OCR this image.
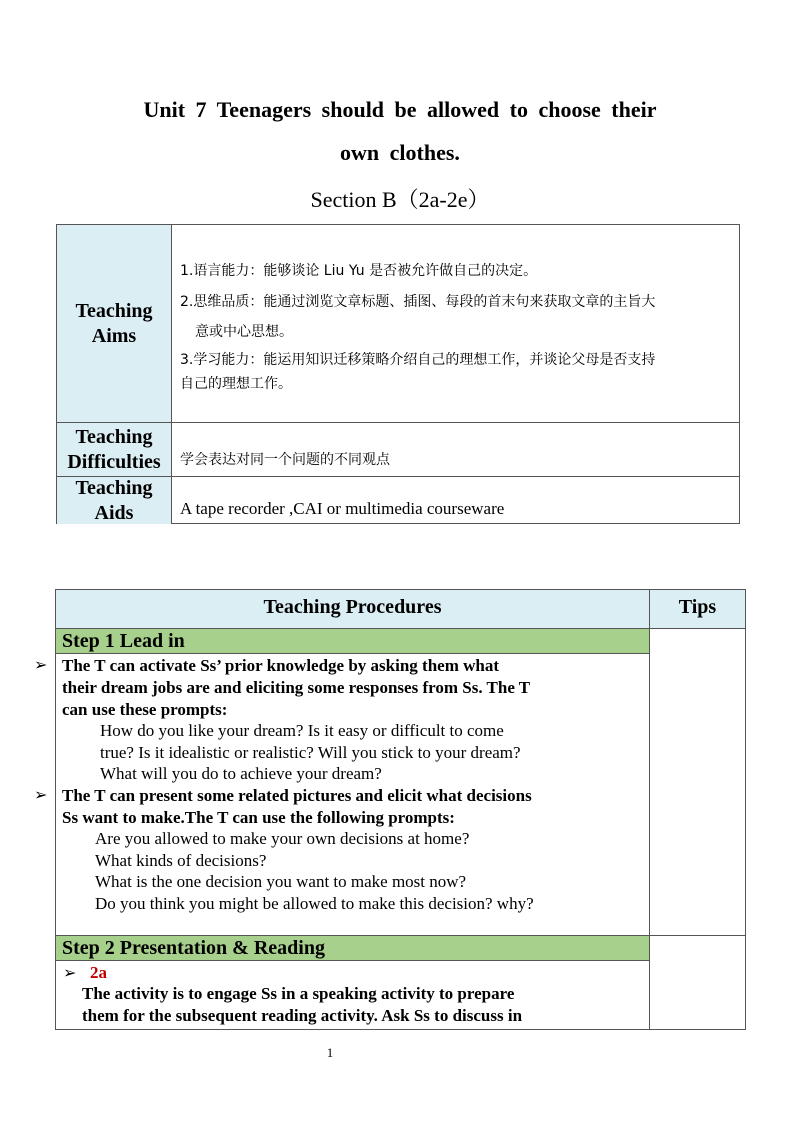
Unit 7 Teenagers should be allowed to choose their
own clothes.
Section B（2a-2e）
Teaching
Aims
1.语言能力：能够谈论 Liu Yu 是否被允许做自己的决定。
2.思维品质：能通过浏览文章标题、插图、每段的首末句来获取文章的主旨大
意或中心思想。
3.学习能力：能运用知识迁移策略介绍自己的理想工作，并谈论父母是否支持
自己的理想工作。
Teaching
Difficulties 学会表达对同一个问题的不同观点
Teaching
Aids	A tape recorder ,CAI or multimedia courseware
Teaching Procedures	Tips
Step 1 Lead in
The T can activate Ss’ prior knowledge by asking them what
their dream jobs are and eliciting some responses from Ss. The T
can use these prompts:
How do you like your dream? Is it easy or difficult to come
true? Is it idealistic or realistic? Will you stick to your dream?
What will you do to achieve your dream?
The T can present some related pictures and elicit what decisions
Ss want to make.The T can use the following prompts:
Are you allowed to make your own decisions at home?
What kinds of decisions?
What is the one decision you want to make most now?
Do you think you might be allowed to make this decision? why?
Step 2 Presentation & Reading
➢ 2a
The activity is to engage Ss in a speaking activity to prepare
them for the subsequent reading activity. Ask Ss to discuss in
➢
➢
1
